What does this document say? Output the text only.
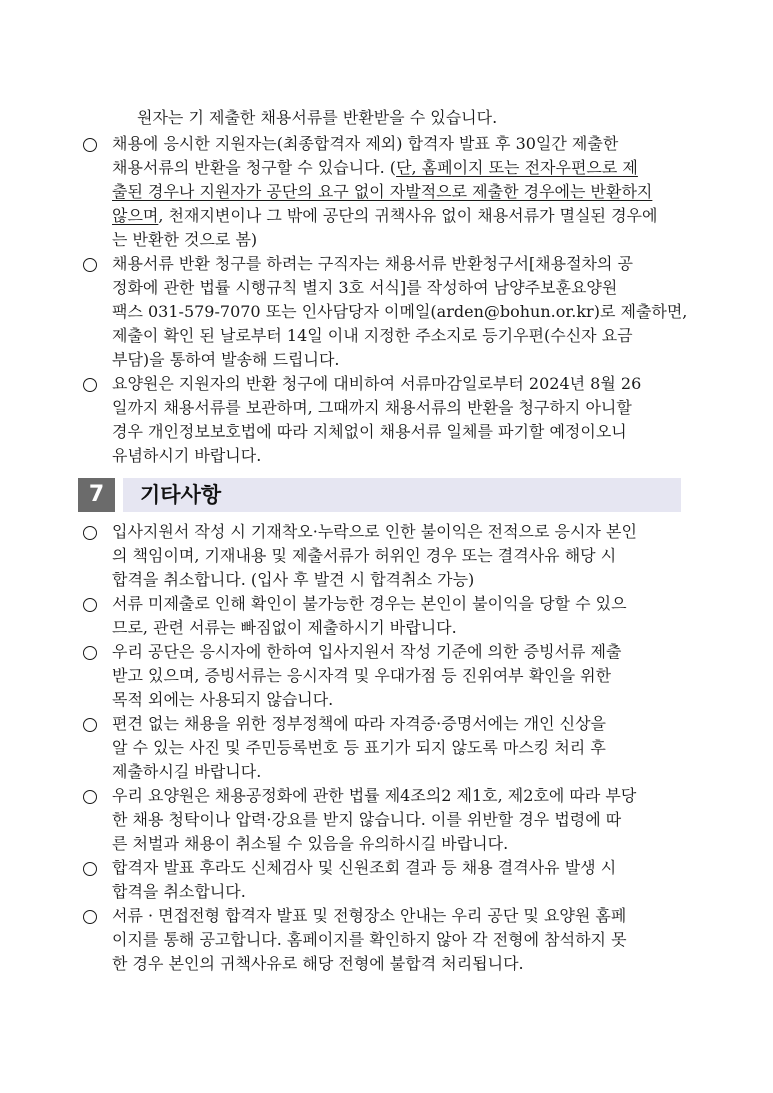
원자는 기 제출한 채용서류를 반환받을 수 있습니다.
채용에 응시한 지원자는(최종합격자 제외) 합격자 발표 후 30일간 제출한
채용서류의 반환을 청구할 수 있습니다. (단, 홈페이지 또는 전자우편으로 제
출된 경우나 지원자가 공단의 요구 없이 자발적으로 제출한 경우에는 반환하지
않으며, 천재지변이나 그 밖에 공단의 귀책사유 없이 채용서류가 멸실된 경우에
는 반환한 것으로 봄)
채용서류 반환 청구를 하려는 구직자는 채용서류 반환청구서[채용절차의 공
정화에 관한 법률 시행규칙 별지 3호 서식]를 작성하여 남양주보훈요양원
팩스 031-579-7070 또는 인사담당자 이메일(arden@bohun.or.kr)로 제출하면,
제출이 확인 된 날로부터 14일 이내 지정한 주소지로 등기우편(수신자 요금
부담)을 통하여 발송해 드립니다.
요양원은 지원자의 반환 청구에 대비하여 서류마감일로부터 2024년 8월 26
일까지 채용서류를 보관하며, 그때까지 채용서류의 반환을 청구하지 아니할
경우 개인정보보호법에 따라 지체없이 채용서류 일체를 파기할 예정이오니
유념하시기 바랍니다.
7	기타사항
입사지원서 작성 시 기재착오·누락으로 인한 불이익은 전적으로 응시자 본인
의 책임이며, 기재내용 및 제출서류가 허위인 경우 또는 결격사유 해당 시
합격을 취소합니다. (입사 후 발견 시 합격취소 가능)
서류 미제출로 인해 확인이 불가능한 경우는 본인이 불이익을 당할 수 있으
므로, 관련 서류는 빠짐없이 제출하시기 바랍니다.
우리 공단은 응시자에 한하여 입사지원서 작성 기준에 의한 증빙서류 제출
받고 있으며, 증빙서류는 응시자격 및 우대가점 등 진위여부 확인을 위한
목적 외에는 사용되지 않습니다.
편견 없는 채용을 위한 정부정책에 따라 자격증·증명서에는 개인 신상을
알 수 있는 사진 및 주민등록번호 등 표기가 되지 않도록 마스킹 처리 후
제출하시길 바랍니다.
우리 요양원은 채용공정화에 관한 법률 제4조의2 제1호, 제2호에 따라 부당
한 채용 청탁이나 압력·강요를 받지 않습니다. 이를 위반할 경우 법령에 따
른 처벌과 채용이 취소될 수 있음을 유의하시길 바랍니다.
합격자 발표 후라도 신체검사 및 신원조회 결과 등 채용 결격사유 발생 시
합격을 취소합니다.
서류 · 면접전형 합격자 발표 및 전형장소 안내는 우리 공단 및 요양원 홈페
이지를 통해 공고합니다. 홈페이지를 확인하지 않아 각 전형에 참석하지 못
한 경우 본인의 귀책사유로 해당 전형에 불합격 처리됩니다.
